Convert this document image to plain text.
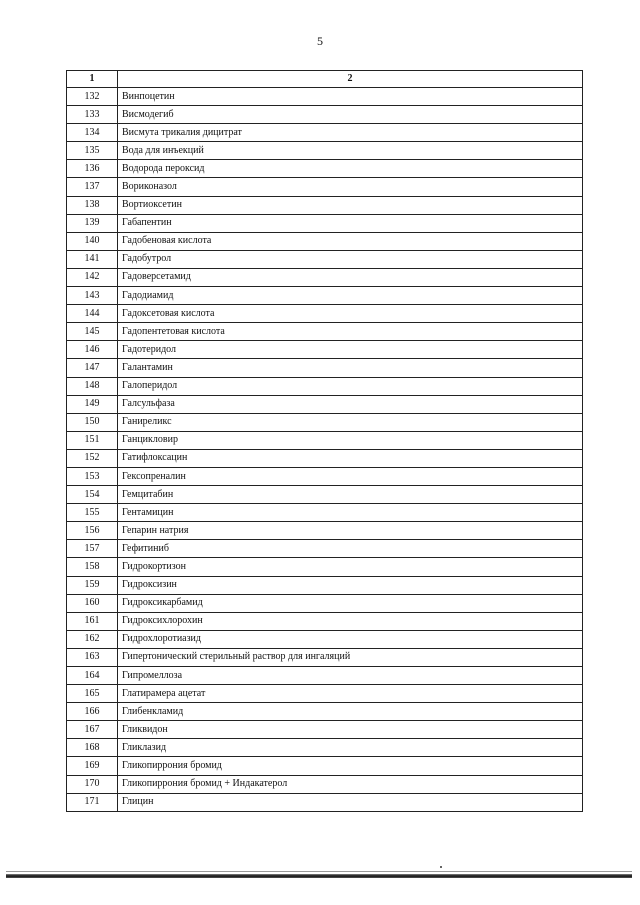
5
1	2
132	Винпоцетин
133	Висмодегиб
134	Висмута трикалия дицитрат
135	Вода для инъекций
136	Водорода пероксид
137	Вориконазол
138	Вортиоксетин
139	Габапентин
140	Гадобеновая кислота
141	Гадобутрол
142	Гадоверсетамид
143	Гадодиамид
144	Гадоксетовая кислота
145	Гадопентетовая кислота
146	Гадотеридол
147	Галантамин
148	Галоперидол
149	Галсульфаза
150	Ганиреликс
151	Ганцикловир
152	Гатифлоксацин
153	Гексопреналин
154	Гемцитабин
155	Гентамицин
156	Гепарин натрия
157	Гефитиниб
158	Гидрокортизон
159	Гидроксизин
160	Гидроксикарбамид
161	Гидроксихлорохин
162	Гидрохлоротиазид
163	Гипертонический стерильный раствор для ингаляций
164	Гипромеллоза
165	Глатирамера ацетат
166	Глибенкламид
167	Гликвидон
168	Гликлазид
169	Гликопиррония бромид
170	Гликопиррония бромид + Индакатерол
171	Глицин
